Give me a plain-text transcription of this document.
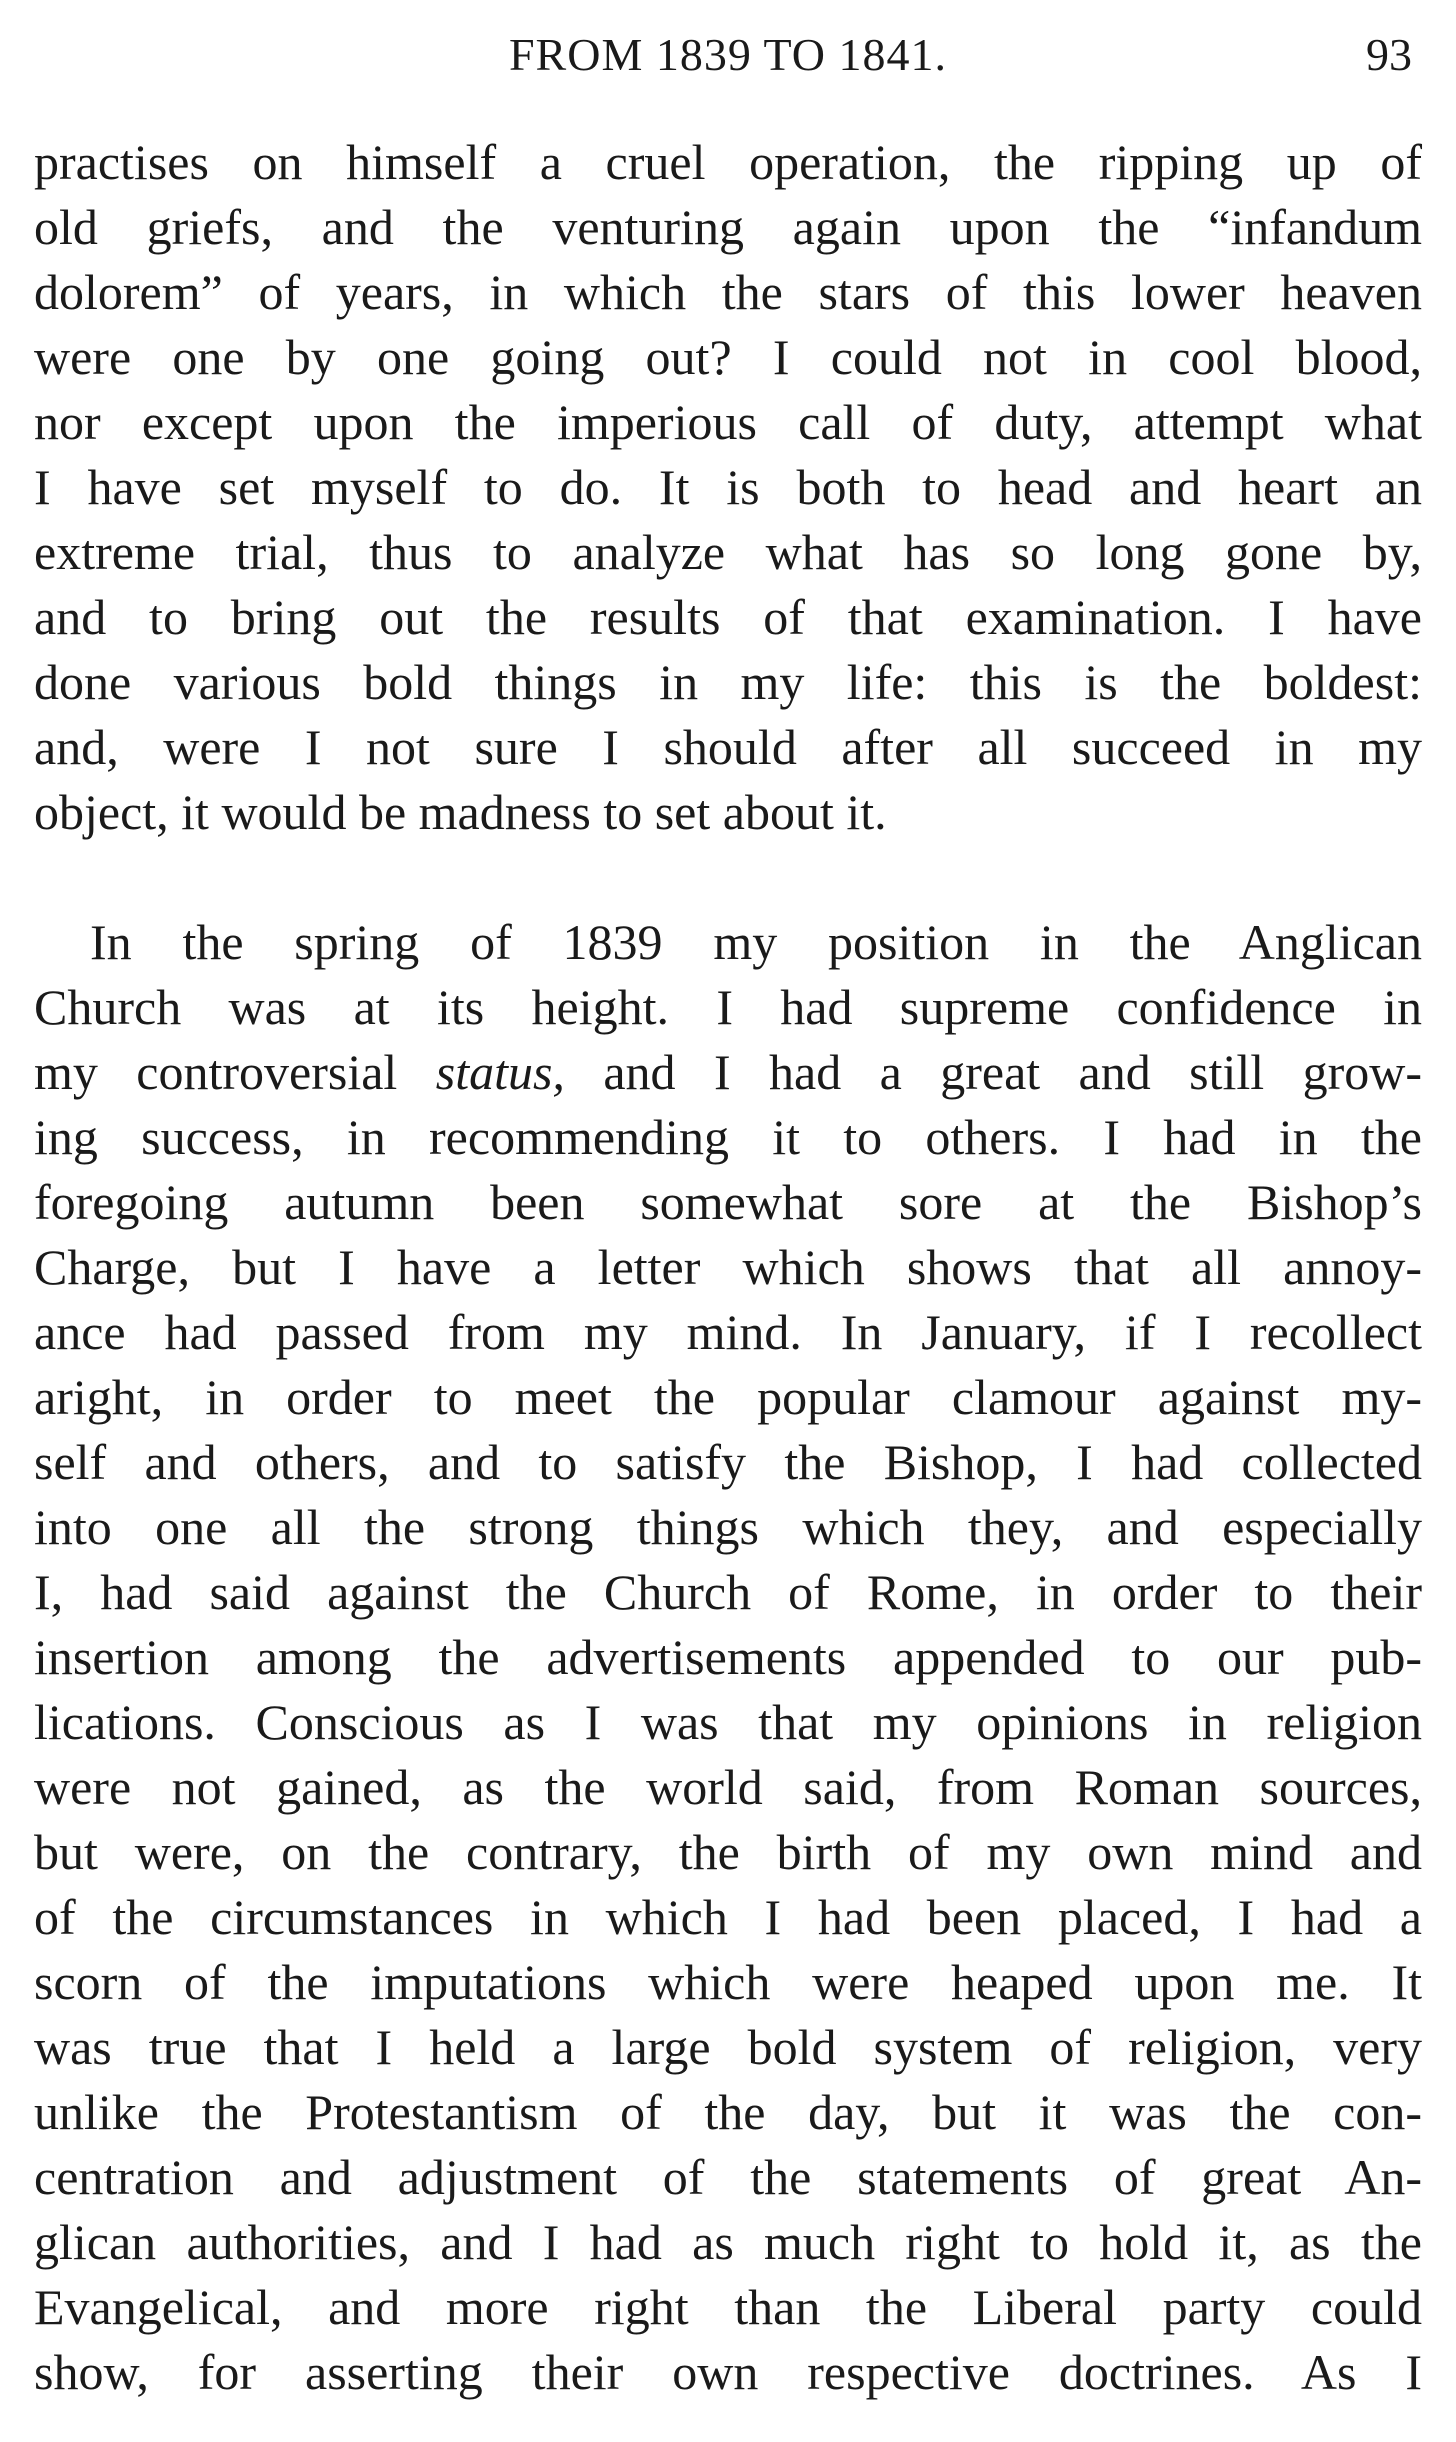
FROM 1839 TO 1841.	93
practises on himself a cruel operation, the ripping up of
old griefs, and the venturing again upon the “infandum
dolorem” of years, in which the stars of this lower heaven
were one by one going out? I could not in cool blood,
nor except upon the imperious call of duty, attempt what
I have set myself to do. It is both to head and heart an
extreme trial, thus to analyze what has so long gone by,
and to bring out the results of that examination. I have
done various bold things in my life: this is the boldest:
and, were I not sure I should after all succeed in my
object, it would be madness to set about it.
In the spring of 1839 my position in the Anglican
Church was at its height. I had supreme confidence in
my controversial status, and I had a great and still grow-
ing success, in recommending it to others. I had in the
foregoing autumn been somewhat sore at the Bishop’s
Charge, but I have a letter which shows that all annoy-
ance had passed from my mind. In January, if I recollect
aright, in order to meet the popular clamour against my-
self and others, and to satisfy the Bishop, I had collected
into one all the strong things which they, and especially
I, had said against the Church of Rome, in order to their
insertion among the advertisements appended to our pub-
lications. Conscious as I was that my opinions in religion
were not gained, as the world said, from Roman sources,
but were, on the contrary, the birth of my own mind and
of the circumstances in which I had been placed, I had a
scorn of the imputations which were heaped upon me. It
was true that I held a large bold system of religion, very
unlike the Protestantism of the day, but it was the con-
centration and adjustment of the statements of great An-
glican authorities, and I had as much right to hold it, as the
Evangelical, and more right than the Liberal party could
show, for asserting their own respective doctrines. As I
